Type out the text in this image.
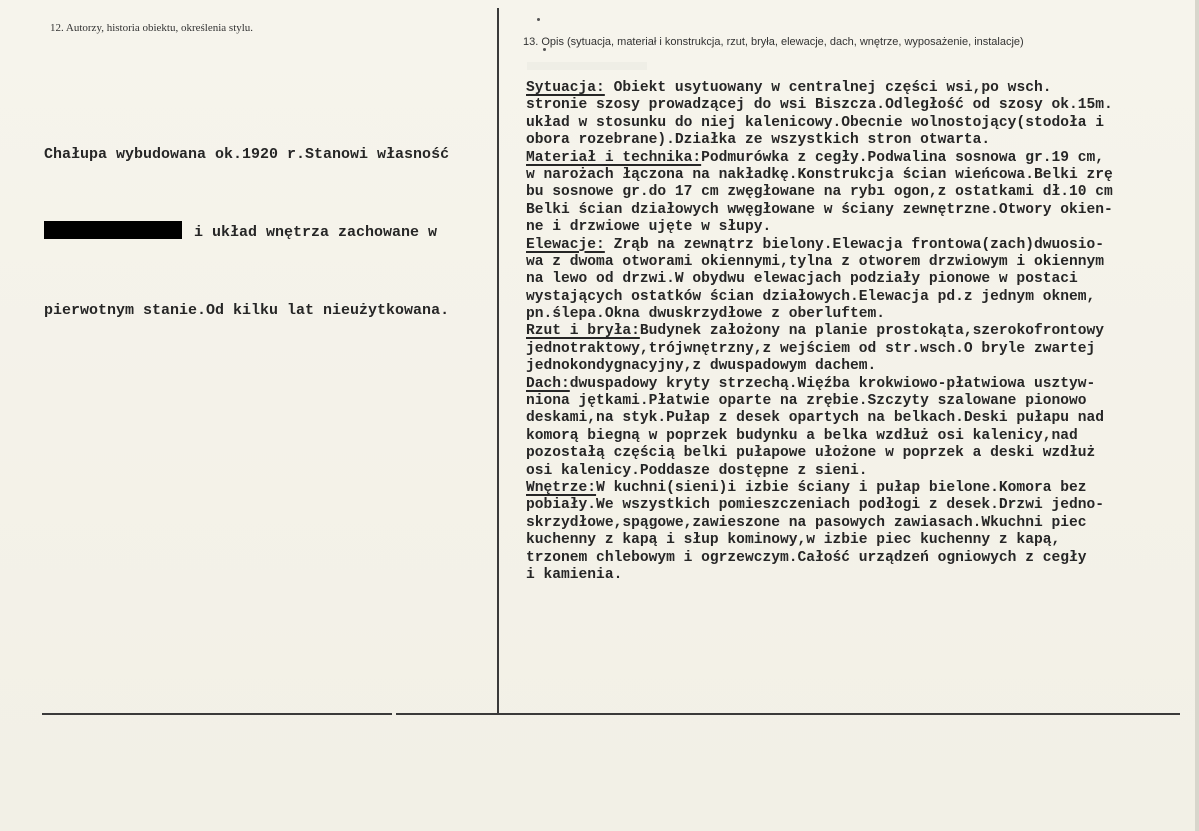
12. Autorzy, historia obiektu, określenia stylu.

Chałupa wybudowana ok.1920 r.Stanowi własność

i układ wnętrza zachowane w

pierwotnym stanie.Od kilku lat nieużytkowana.

13. Opis (sytuacja, materiał i konstrukcja, rzut, bryła, elewacje, dach, wnętrze, wyposażenie, instalacje)
Sytuacja: Obiekt usytuowany w centralnej części wsi,po wsch.
stronie szosy prowadzącej do wsi Biszcza.Odległość od szosy ok.15m.
układ w stosunku do niej kalenicowy.Obecnie wolnostojący(stodoła i
obora rozebrane).Działka ze wszystkich stron otwarta.
Materiał i technika:Podmurówka z cegły.Podwalina sosnowa gr.19 cm,
w narożach łączona na nakładkę.Konstrukcja ścian wieńcowa.Belki zrę
bu sosnowe gr.do 17 cm zwęgłowane na rybı ogon,z ostatkami dł.10 cm
Belki ścian działowych wwęgłowane w ściany zewnętrzne.Otwory okien-
ne i drzwiowe ujęte w słupy.
Elewacje: Zrąb na zewnątrz bielony.Elewacja frontowa(zach)dwuosio-
wa z dwoma otworami okiennymi,tylna z otworem drzwiowym i okiennym
na lewo od drzwi.W obydwu elewacjach podziały pionowe w postaci
wystających ostatków ścian działowych.Elewacja pd.z jednym oknem,
pn.ślepa.Okna dwuskrzydłowe z oberluftem.
Rzut i bryła:Budynek założony na planie prostokąta,szerokofrontowy
jednotraktowy,trójwnętrzny,z wejściem od str.wsch.O bryle zwartej
jednokondygnacyjny,z dwuspadowym dachem.
Dach:dwuspadowy kryty strzechą.Więźba krokwiowo-płatwiowa usztyw-
niona jętkami.Płatwie oparte na zrębie.Szczyty szalowane pionowo
deskami,na styk.Pułap z desek opartych na belkach.Deski pułapu nad
komorą biegną w poprzek budynku a belka wzdłuż osi kalenicy,nad
pozostałą częścią belki pułapowe ułożone w poprzek a deski wzdłuż
osi kalenicy.Poddasze dostępne z sieni.
Wnętrze:W kuchni(sieni)i izbie ściany i pułap bielone.Komora bez
pobiały.We wszystkich pomieszczeniach podłogi z desek.Drzwi jedno-
skrzydłowe,spągowe,zawieszone na pasowych zawiasach.Wkuchni piec
kuchenny z kapą i słup kominowy,w izbie piec kuchenny z kapą,
trzonem chlebowym i ogrzewczym.Całość urządzeń ogniowych z cegły
i kamienia.
